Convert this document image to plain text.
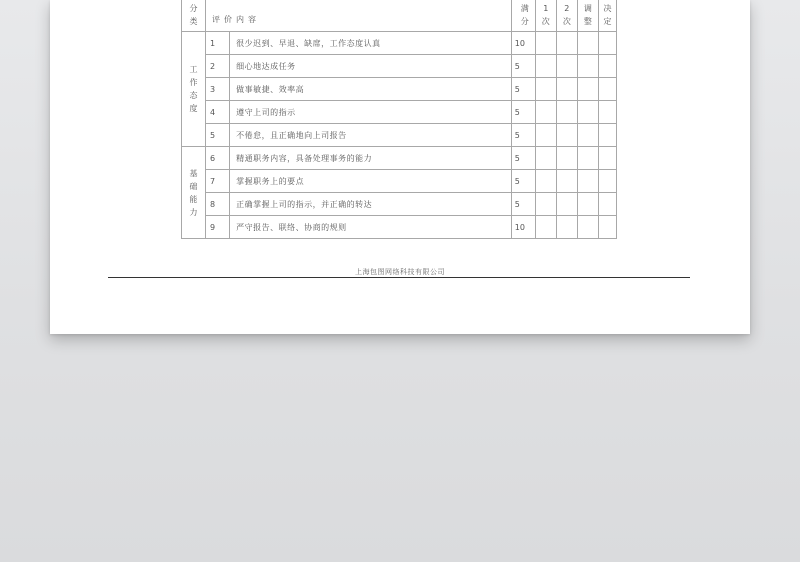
分类	评价内容		满分	1次	2次	调整	决定
工作态度	1	很少迟到、早退、缺席，工作态度认真	10				
	2	细心地达成任务	5				
	3	做事敏捷、效率高	5				
	4	遵守上司的指示	5				
	5	不倦怠，且正确地向上司报告	5				
基础能力	6	精通职务内容，具备处理事务的能力	5				
	7	掌握职务上的要点	5				
	8	正确掌握上司的指示，并正确的转达	5				
	9	严守报告、联络、协商的规则	10				
上海包图网络科技有限公司
